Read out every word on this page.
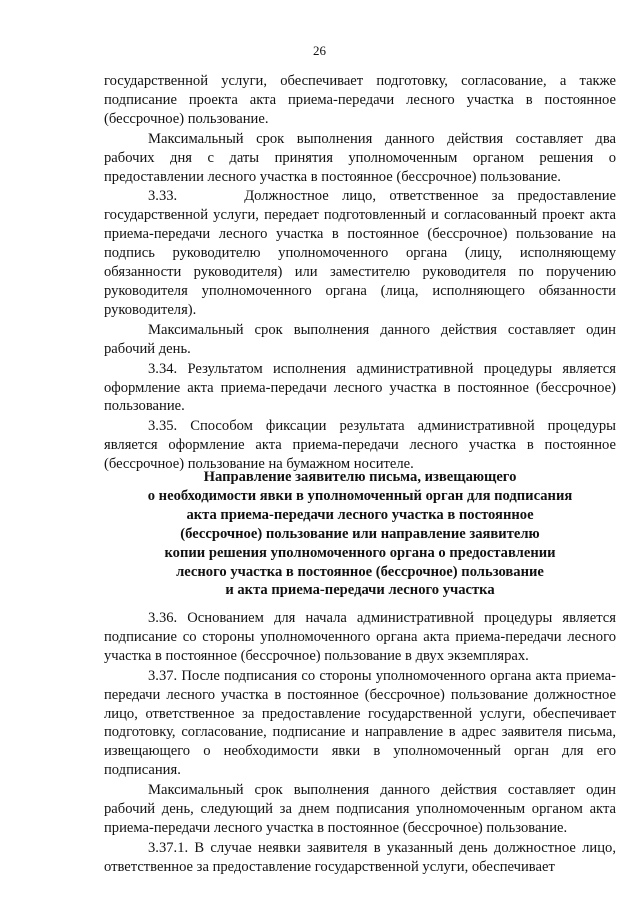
26

государственной услуги, обеспечивает подготовку, согласование, а также подписание проекта акта приема-передачи лесного участка в постоянное (бессрочное) пользование.

Максимальный срок выполнения данного действия составляет два рабочих дня с даты принятия уполномоченным органом решения о предоставлении лесного участка в постоянное (бессрочное) пользование.

3.33.     Должностное лицо, ответственное за предоставление государственной услуги, передает подготовленный и согласованный проект акта приема-передачи лесного участка в постоянное (бессрочное) пользование на подпись руководителю уполномоченного органа (лицу, исполняющему обязанности руководителя) или заместителю руководителя по поручению руководителя уполномоченного органа (лица, исполняющего обязанности руководителя).

Максимальный срок выполнения данного действия составляет один рабочий день.

3.34. Результатом исполнения административной процедуры является оформление акта приема-передачи лесного участка в постоянное (бессрочное) пользование.

3.35. Способом фиксации результата административной процедуры является оформление акта приема-передачи лесного участка в постоянное (бессрочное) пользование на бумажном носителе.

Направление заявителю письма, извещающего
о необходимости явки в уполномоченный орган для подписания
акта приема-передачи лесного участка в постоянное
(бессрочное) пользование или направление заявителю
копии решения уполномоченного органа о предоставлении
лесного участка в постоянное (бессрочное) пользование
и акта приема-передачи лесного участка

3.36. Основанием для начала административной процедуры является подписание со стороны уполномоченного органа акта приема-передачи лесного участка в постоянное (бессрочное) пользование в двух экземплярах.

3.37. После подписания со стороны уполномоченного органа акта приема-передачи лесного участка в постоянное (бессрочное) пользование должностное лицо, ответственное за предоставление государственной услуги, обеспечивает подготовку, согласование, подписание и направление в адрес заявителя письма, извещающего о необходимости явки в уполномоченный орган для его подписания.

Максимальный срок выполнения данного действия составляет один рабочий день, следующий за днем подписания уполномоченным органом акта приема-передачи лесного участка в постоянное (бессрочное) пользование.

3.37.1. В случае неявки заявителя в указанный день должностное лицо, ответственное за предоставление государственной услуги, обеспечивает
